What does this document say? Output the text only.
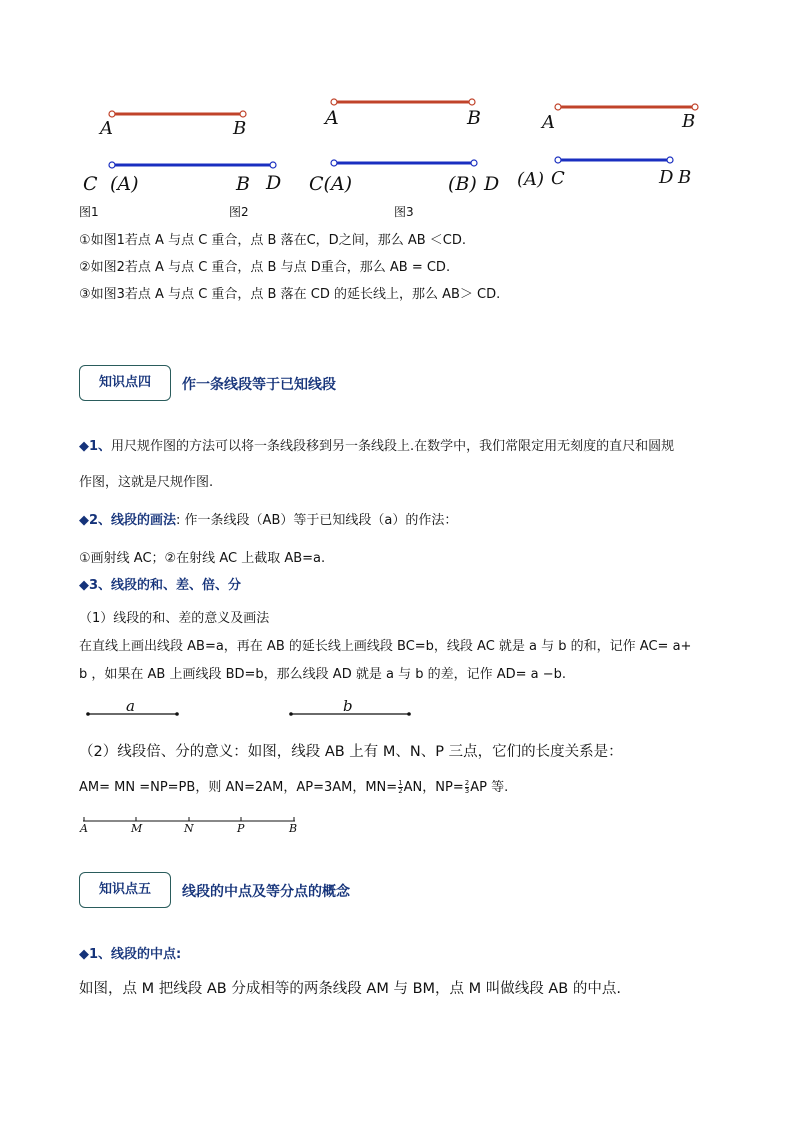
A	B
C (A)	B D
A	B
C(A)	(B) D
A	B
(A) C	D B
图1	图2	图3
①如图1若点 A 与点 C 重合，点 B 落在C，D之间，那么 AB ＜CD.
②如图2若点 A 与点 C 重合，点 B 与点 D重合，那么 AB = CD.
③如图3若点 A 与点 C 重合，点 B 落在 CD 的延长线上，那么 AB＞ CD.
知识点四	作一条线段等于已知线段
◆1、用尺规作图的方法可以将一条线段移到另一条线段上.在数学中，我们常限定用无刻度的直尺和圆规
作图，这就是尺规作图.
◆2、线段的画法: 作一条线段（AB）等于已知线段（a）的作法：
①画射线 AC；②在射线 AC 上截取 AB=a.
◆3、线段的和、差、倍、分
（1）线段的和、差的意义及画法
在直线上画出线段 AB=a，再在 AB 的延长线上画线段 BC=b，线段 AC 就是 a 与 b 的和，记作 AC= a+
b ，如果在 AB 上画线段 BD=b，那么线段 AD 就是 a 与 b 的差，记作 AD= a −b.
a	b
（2）线段倍、分的意义：如图，线段 AB 上有 M、N、P 三点，它们的长度关系是：
AM= MN =NP=PB，则 AN=2AM，AP=3AM，$MN= \frac{1}{2}$ AN，$NP= \frac{2}{3}$ AP 等.
A	M	N	P	B
知识点五	线段的中点及等分点的概念
◆1、线段的中点:
如图，点 M 把线段 AB 分成相等的两条线段 AM 与 BM，点 M 叫做线段 AB 的中点.
